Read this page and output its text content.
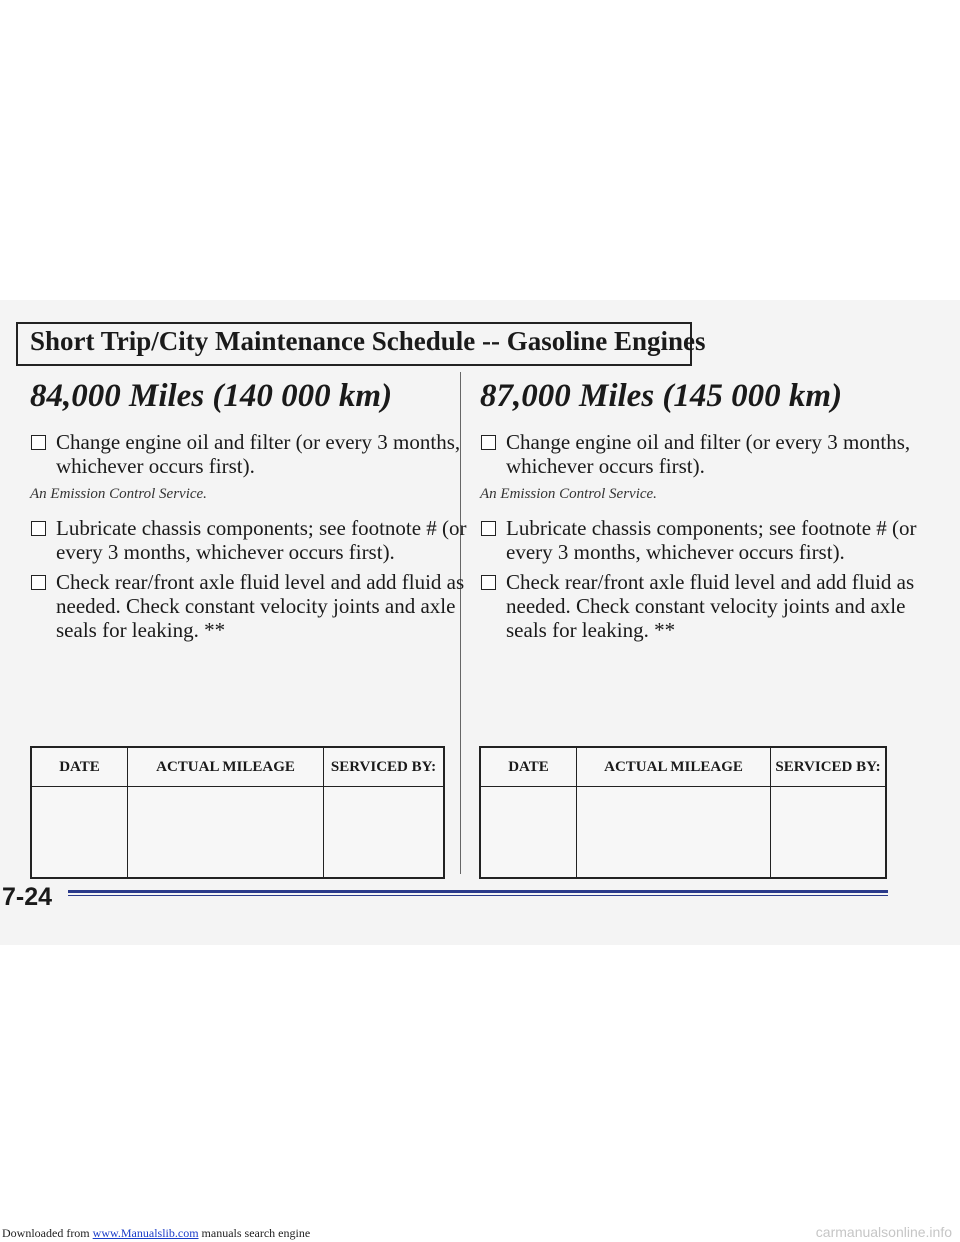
Short Trip/City Maintenance Schedule -- Gasoline Engines
84,000 Miles (140 000 km)
Change engine oil and filter (or every 3 months, whichever occurs first).
An Emission Control Service.
Lubricate chassis components; see footnote # (or every 3 months, whichever occurs first).
Check rear/front axle fluid level and add fluid as needed. Check constant velocity joints and axle seals for leaking. **
87,000 Miles (145 000 km)
Change engine oil and filter (or every 3 months, whichever occurs first).
An Emission Control Service.
Lubricate chassis components; see footnote # (or every 3 months, whichever occurs first).
Check rear/front axle fluid level and add fluid as needed. Check constant velocity joints and axle seals for leaking. **
DATE	ACTUAL MILEAGE	SERVICED BY:
			DATE	ACTUAL MILEAGE	SERVICED BY:

7-24
Downloaded from www.Manualslib.com manuals search engine	carmanualsonline.info
